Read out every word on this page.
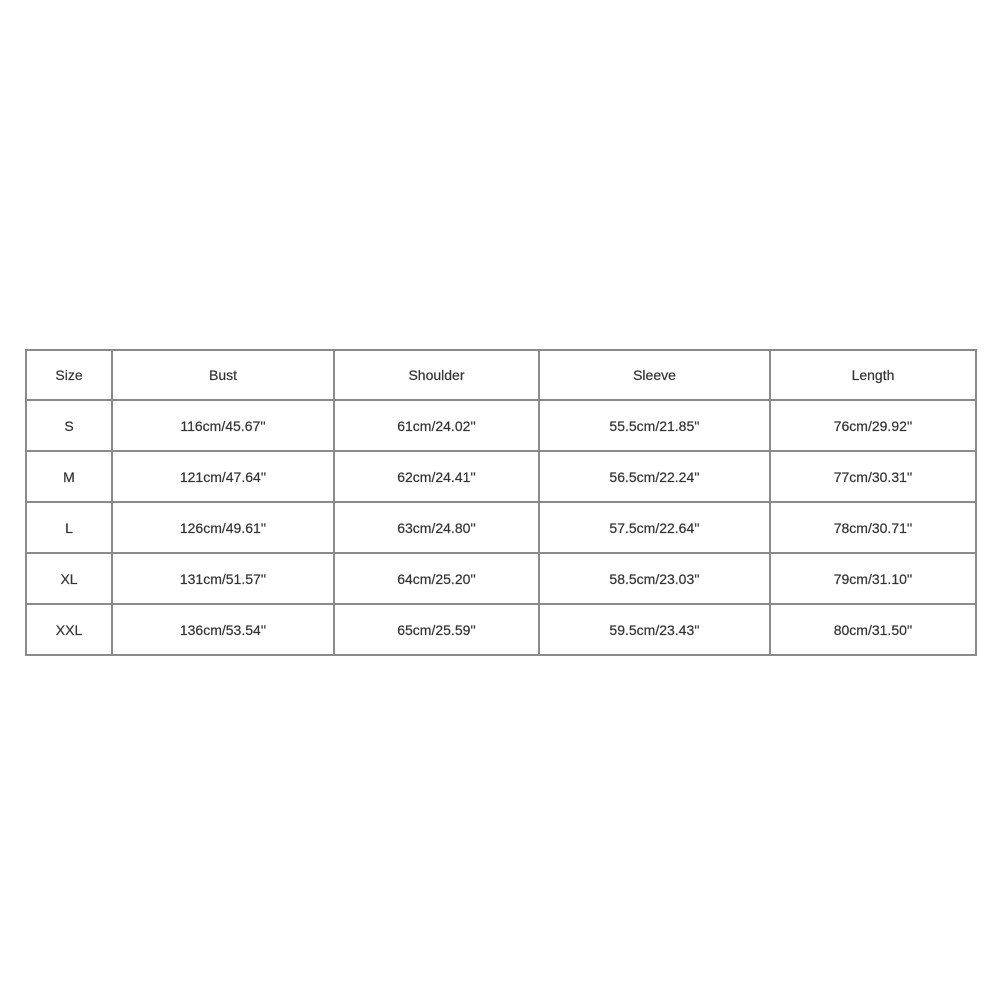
Size	Bust	Shoulder	Sleeve	Length
S	116cm/45.67''	61cm/24.02''	55.5cm/21.85''	76cm/29.92''
M	121cm/47.64''	62cm/24.41''	56.5cm/22.24''	77cm/30.31''
L	126cm/49.61''	63cm/24.80''	57.5cm/22.64''	78cm/30.71''
XL	131cm/51.57''	64cm/25.20''	58.5cm/23.03''	79cm/31.10''
XXL	136cm/53.54''	65cm/25.59''	59.5cm/23.43''	80cm/31.50''
